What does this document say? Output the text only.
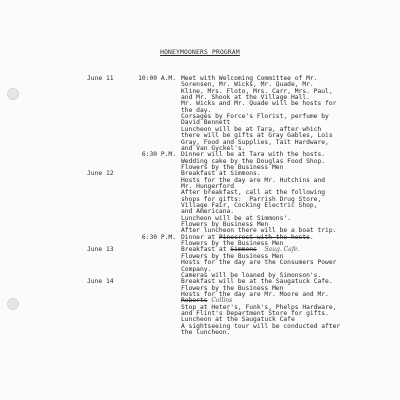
HONEYMOONERS PROGRAM
June 11	10:00 A.M. Meet with Welcoming Committee of Mr.
Sorensen, Mr. Wicks, Mr. Quade, Mr.
Kline, Mrs. Floto, Mrs. Carr, Mrs. Paul,
and Mr. Shook at the Village Hall.
Mr. Wicks and Mr. Quade will be hosts for
the day.
Corsages by Force's Florist, perfume by
David Bennett
Luncheon will be at Tara, after which
there will be gifts at Gray Gables, Lois
Gray, Food and Supplies, Tait Hardware,
and Van Gyckel's.
6:30 P.M. Dinner will be at Tara with the hosts.
Wedding cake by the Douglas Food Shop.
Flowers by the Business Men
June 12	Breakfast at Simmons.
Hosts for the day are Mr. Hutchins and
Mr. Hungerford
After breakfast, call at the following
shops for gifts:  Parrish Drug Store,
Village Fair, Cocking Electric Shop,
and Americana.
Luncheon will be at Simmons'.
Flowers by Business Men
After luncheon there will be a boat trip.
6:30 P.M. Dinner at Pinecrest with the hosts.
Flowers by the Business Men
June 13	Breakfast at Simmons Saug. Cafe.
Flowers by the Business Men
Hosts for the day are the Consumers Power
Company.
Cameras will be loaned by Simonson's.
June 14	Breakfast will be at the Saugatuck Cafe.
Flowers by the Business Men
Hosts for the day are Mr. Moore and Mr.
Roberts Collins
Stop at Heter's, Funk's, Phelps Hardware,
and Flint's Department Store for gifts.
Luncheon at the Saugatuck Cafe
A sightseeing tour will be conducted after
the luncheon.
